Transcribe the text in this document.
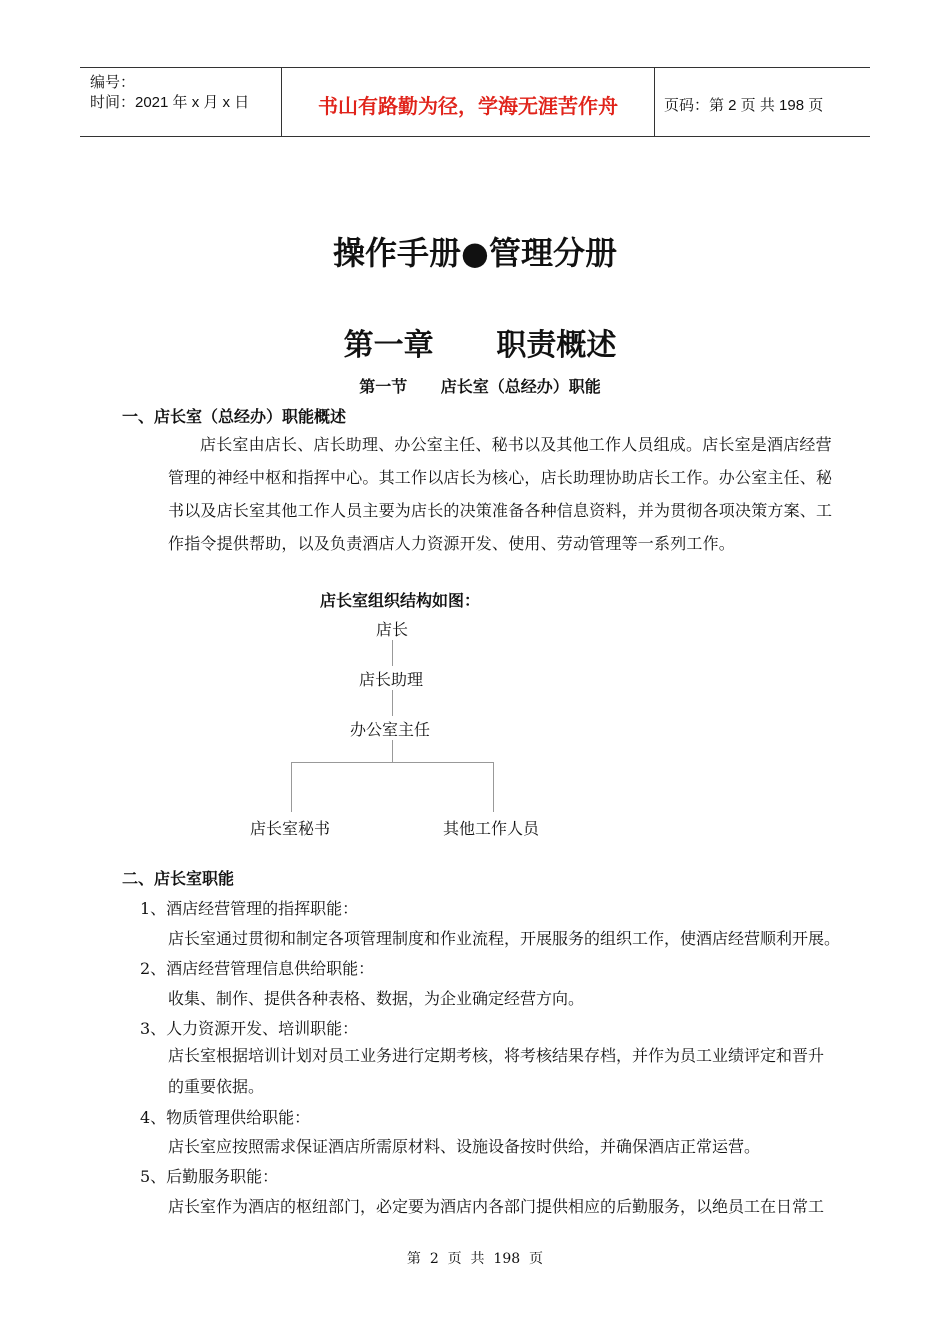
编号：
时间：2021 年 x 月 x 日	书山有路勤为径，学海无涯苦作舟	页码：第 2 页 共 198 页
操作手册●管理分册
第一章      职责概述
第一节      店长室（总经办）职能
一、店长室（总经办）职能概述
店长室由店长、店长助理、办公室主任、秘书以及其他工作人员组成。店长室是酒店经营
管理的神经中枢和指挥中心。其工作以店长为核心，店长助理协助店长工作。办公室主任、秘
书以及店长室其他工作人员主要为店长的决策准备各种信息资料，并为贯彻各项决策方案、工
作指令提供帮助，以及负责酒店人力资源开发、使用、劳动管理等一系列工作。
店长室组织结构如图：
店长
店长助理
办公室主任
店长室秘书	其他工作人员
二、店长室职能
1、酒店经营管理的指挥职能：
店长室通过贯彻和制定各项管理制度和作业流程，开展服务的组织工作，使酒店经营顺利开展。
2、酒店经营管理信息供给职能：
收集、制作、提供各种表格、数据，为企业确定经营方向。
3、人力资源开发、培训职能：
店长室根据培训计划对员工业务进行定期考核，将考核结果存档，并作为员工业绩评定和晋升
的重要依据。
4、物质管理供给职能：
店长室应按照需求保证酒店所需原材料、设施设备按时供给，并确保酒店正常运营。
5、后勤服务职能：
店长室作为酒店的枢纽部门，必定要为酒店内各部门提供相应的后勤服务，以绝员工在日常工
第  2  页  共  198  页
